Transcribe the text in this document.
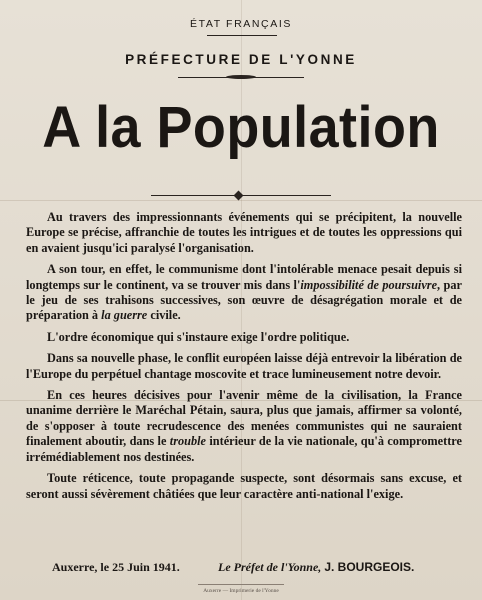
ÉTAT FRANÇAIS
PRÉFECTURE DE L'YONNE
A la Population

Au travers des impressionnants événements qui se précipitent, la nouvelle Europe se précise, affranchie de toutes les intrigues et de toutes les oppressions qui en avaient jusqu'ici paralysé l'organisation.

A son tour, en effet, le communisme dont l'intolérable menace pesait depuis si longtemps sur le continent, va se trouver mis dans l'impossibilité de poursuivre, par le jeu de ses trahisons successives, son œuvre de désagrégation morale et de préparation à la guerre civile.

L'ordre économique qui s'instaure exige l'ordre politique.

Dans sa nouvelle phase, le conflit européen laisse déjà entrevoir la libération de l'Europe du perpétuel chantage moscovite et trace lumineusement notre devoir.

En ces heures décisives pour l'avenir même de la civilisation, la France unanime derrière le Maréchal Pétain, saura, plus que jamais, affirmer sa volonté, de s'opposer à toute recrudescence des menées communistes qui ne sauraient finalement aboutir, dans le trouble intérieur de la vie nationale, qu'à compromettre irrémédiablement nos destinées.

Toute réticence, toute propagande suspecte, sont désormais sans excuse, et seront aussi sévèrement châtiées que leur caractère anti-national l'exige.

Auxerre, le 25 Juin 1941.	Le Préfet de l'Yonne, J. BOURGEOIS.
Auxerre — Imprimerie de l'Yonne
